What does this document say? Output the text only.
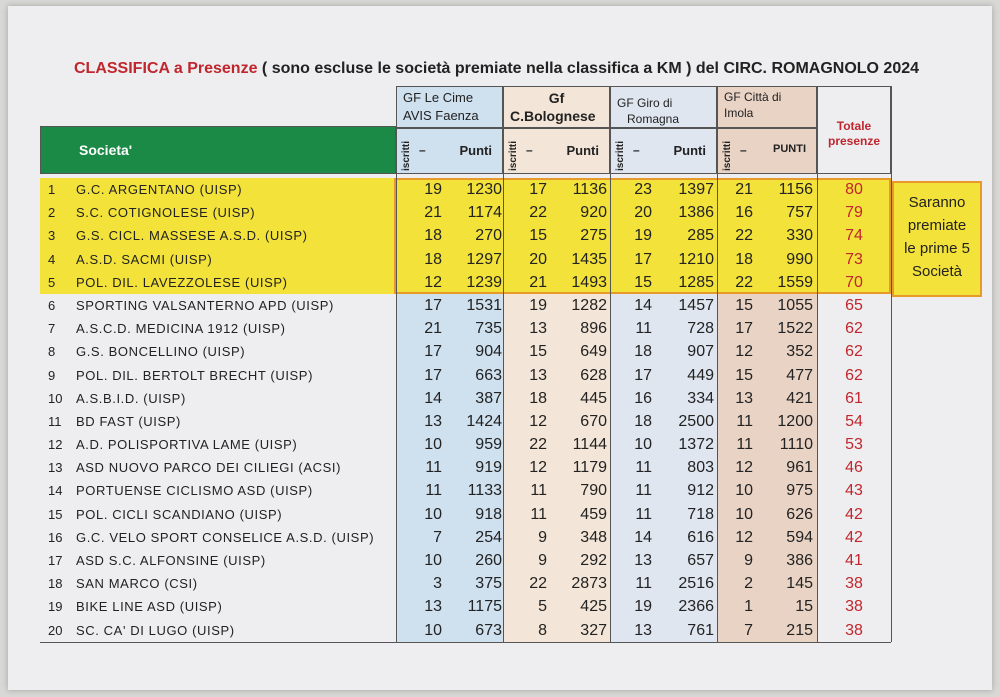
CLASSIFICA a Presenze ( sono escluse le società premiate nella classifica a KM ) del CIRC. ROMAGNOLO 2024
GF Le Cime
AVIS Faenza
Gf
C.Bolognese
GF Giro di
Romagna
GF Città di
Imola
Totale
presenze
Societa'	iscritti –	Punti iscritti –	Punti iscritti –	Punti iscritti – PUNTI
1	G.C. ARGENTANO (UISP)	19	1230	17	1136	23	1397	21	1156	80
2	S.C. COTIGNOLESE (UISP)	21	1174	22	920	20	1386	16	757	79
3	G.S. CICL. MASSESE A.S.D. (UISP)	18	270	15	275	19	285	22	330	74
4	A.S.D. SACMI (UISP)	18	1297	20	1435	17	1210	18	990	73
5	POL. DIL. LAVEZZOLESE (UISP)	12	1239	21	1493	15	1285	22	1559	70
6	SPORTING VALSANTERNO APD (UISP)	17	1531	19	1282	14	1457	15	1055	65
7	A.S.C.D. MEDICINA 1912 (UISP)	21	735	13	896	11	728	17	1522	62
8	G.S. BONCELLINO (UISP)	17	904	15	649	18	907	12	352	62
9	POL. DIL. BERTOLT BRECHT (UISP)	17	663	13	628	17	449	15	477	62
10	A.S.B.I.D. (UISP)	14	387	18	445	16	334	13	421	61
11	BD FAST (UISP)	13	1424	12	670	18	2500	11	1200	54
12	A.D. POLISPORTIVA LAME (UISP)	10	959	22	1144	10	1372	11	1110	53
13	ASD NUOVO PARCO DEI CILIEGI (ACSI)	11	919	12	1179	11	803	12	961	46
14	PORTUENSE CICLISMO ASD (UISP)	11	1133	11	790	11	912	10	975	43
15	POL. CICLI SCANDIANO (UISP)	10	918	11	459	11	718	10	626	42
16	G.C. VELO SPORT CONSELICE A.S.D. (UISP)	7	254	9	348	14	616	12	594	42
17	ASD S.C. ALFONSINE (UISP)	10	260	9	292	13	657	9	386	41
18	SAN MARCO (CSI)	3	375	22	2873	11	2516	2	145	38
19	BIKE LINE ASD (UISP)	13	1175	5	425	19	2366	1	15	38
20	SC. CA' DI LUGO (UISP)	10	673	8	327	13	761	7	215	38
Saranno
premiate
le prime 5
Società
